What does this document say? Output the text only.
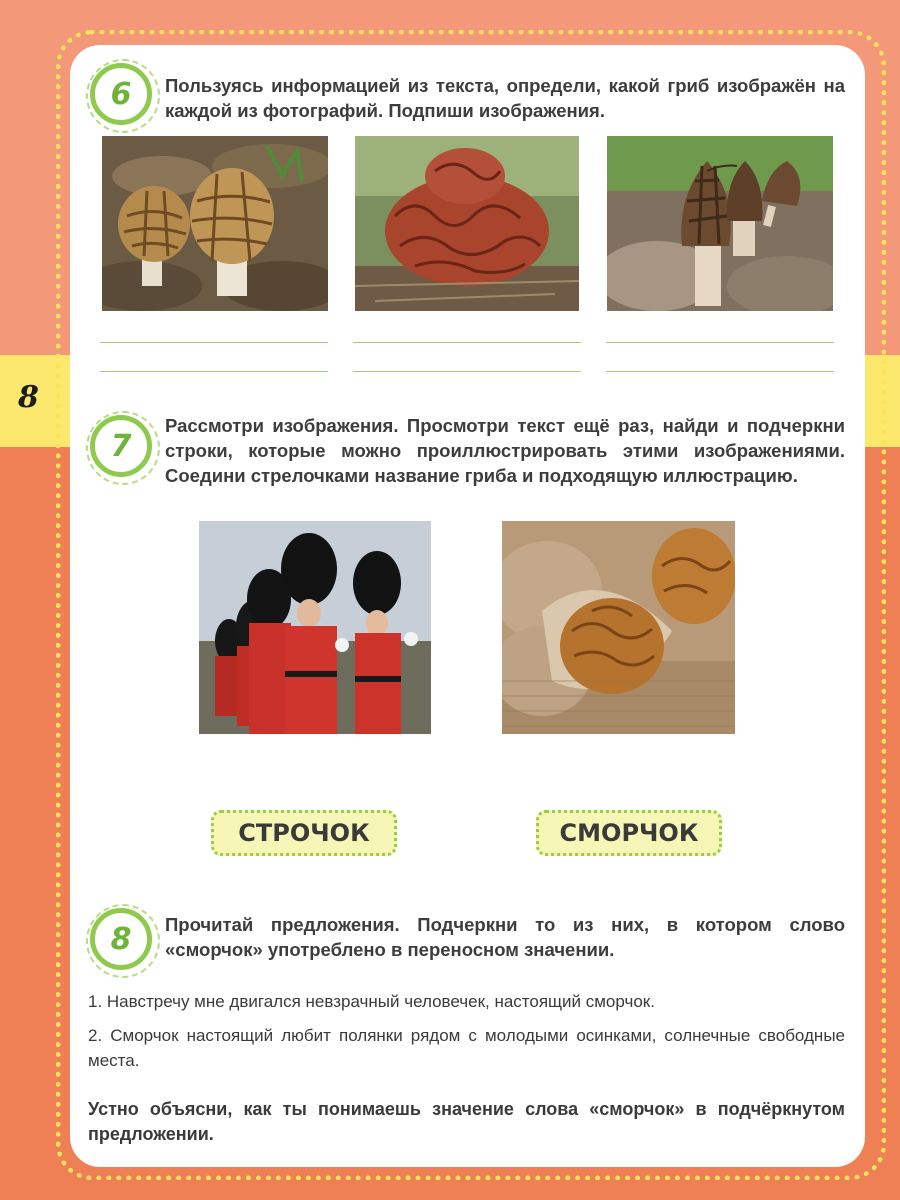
8
6 Пользуясь информацией из текста, определи, какой гриб изображён на каждой из фотографий. Подпиши изображения.
7
Рассмотри изображения. Просмотри текст ещё раз, найди и подчеркни строки, которые можно проиллюстрировать этими изображениями. Соедини стрелочками название гриба и подходящую иллюстрацию.
СТРОЧОК	СМОРЧОК
8 Прочитай предложения. Подчеркни то из них, в котором слово «сморчок» употреблено в переносном значении.
1. Навстречу мне двигался невзрачный человечек, настоящий сморчок.
2. Сморчок настоящий любит полянки рядом с молодыми осинками, солнечные свободные места.
Устно объясни, как ты понимаешь значение слова «сморчок» в подчёркнутом предложении.
